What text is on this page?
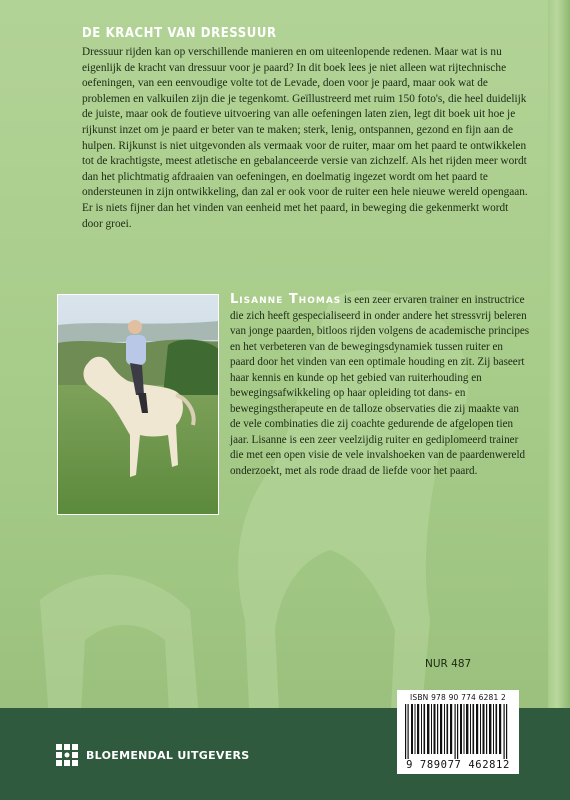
DE KRACHT VAN DRESSUUR

Dressuur rijden kan op verschillende manieren en om uiteenlopende redenen. Maar wat is nu eigenlijk de kracht van dressuur voor je paard? In dit boek lees je niet alleen wat rijtechnische oefeningen, van een eenvoudige volte tot de Levade, doen voor je paard, maar ook wat de problemen en valkuilen zijn die je tegenkomt. Geïllustreerd met ruim 150 foto's, die heel duidelijk de juiste, maar ook de foutieve uitvoering van alle oefeningen laten zien, legt dit boek uit hoe je rijkunst inzet om je paard er beter van te maken; sterk, lenig, ontspannen, gezond en fijn aan de hulpen. Rijkunst is niet uitgevonden als vermaak voor de ruiter, maar om het paard te ontwikkelen tot de krachtigste, meest atletische en gebalanceerde versie van zichzelf. Als het rijden meer wordt dan het plichtmatig afdraaien van oefeningen, en doelmatig ingezet wordt om het paard te ondersteunen in zijn ontwikkeling, dan zal er ook voor de ruiter een hele nieuwe wereld opengaan. Er is niets fijner dan het vinden van eenheid met het paard, in beweging die gekenmerkt wordt door groei.

Lisanne Thomas is een zeer ervaren trainer en instructrice die zich heeft gespecialiseerd in onder andere het stressvrij beleren van jonge paarden, bitloos rijden volgens de academische principes en het verbeteren van de bewegingsdynamiek tussen ruiter en paard door het vinden van een optimale houding en zit. Zij baseert haar kennis en kunde op het gebied van ruiterhouding en bewegingsafwikkeling op haar opleiding tot dans- en bewegingstherapeute en de talloze observaties die zij maakte van de vele combinaties die zij coachte gedurende de afgelopen tien jaar. Lisanne is een zeer veelzijdig ruiter en gediplomeerd trainer die met een open visie de vele invalshoeken van de paardenwereld onderzoekt, met als rode draad de liefde voor het paard.
NUR 487
ISBN 978 90 774 6281 2
9 789077 462812
BLOEMENDAL UITGEVERS
